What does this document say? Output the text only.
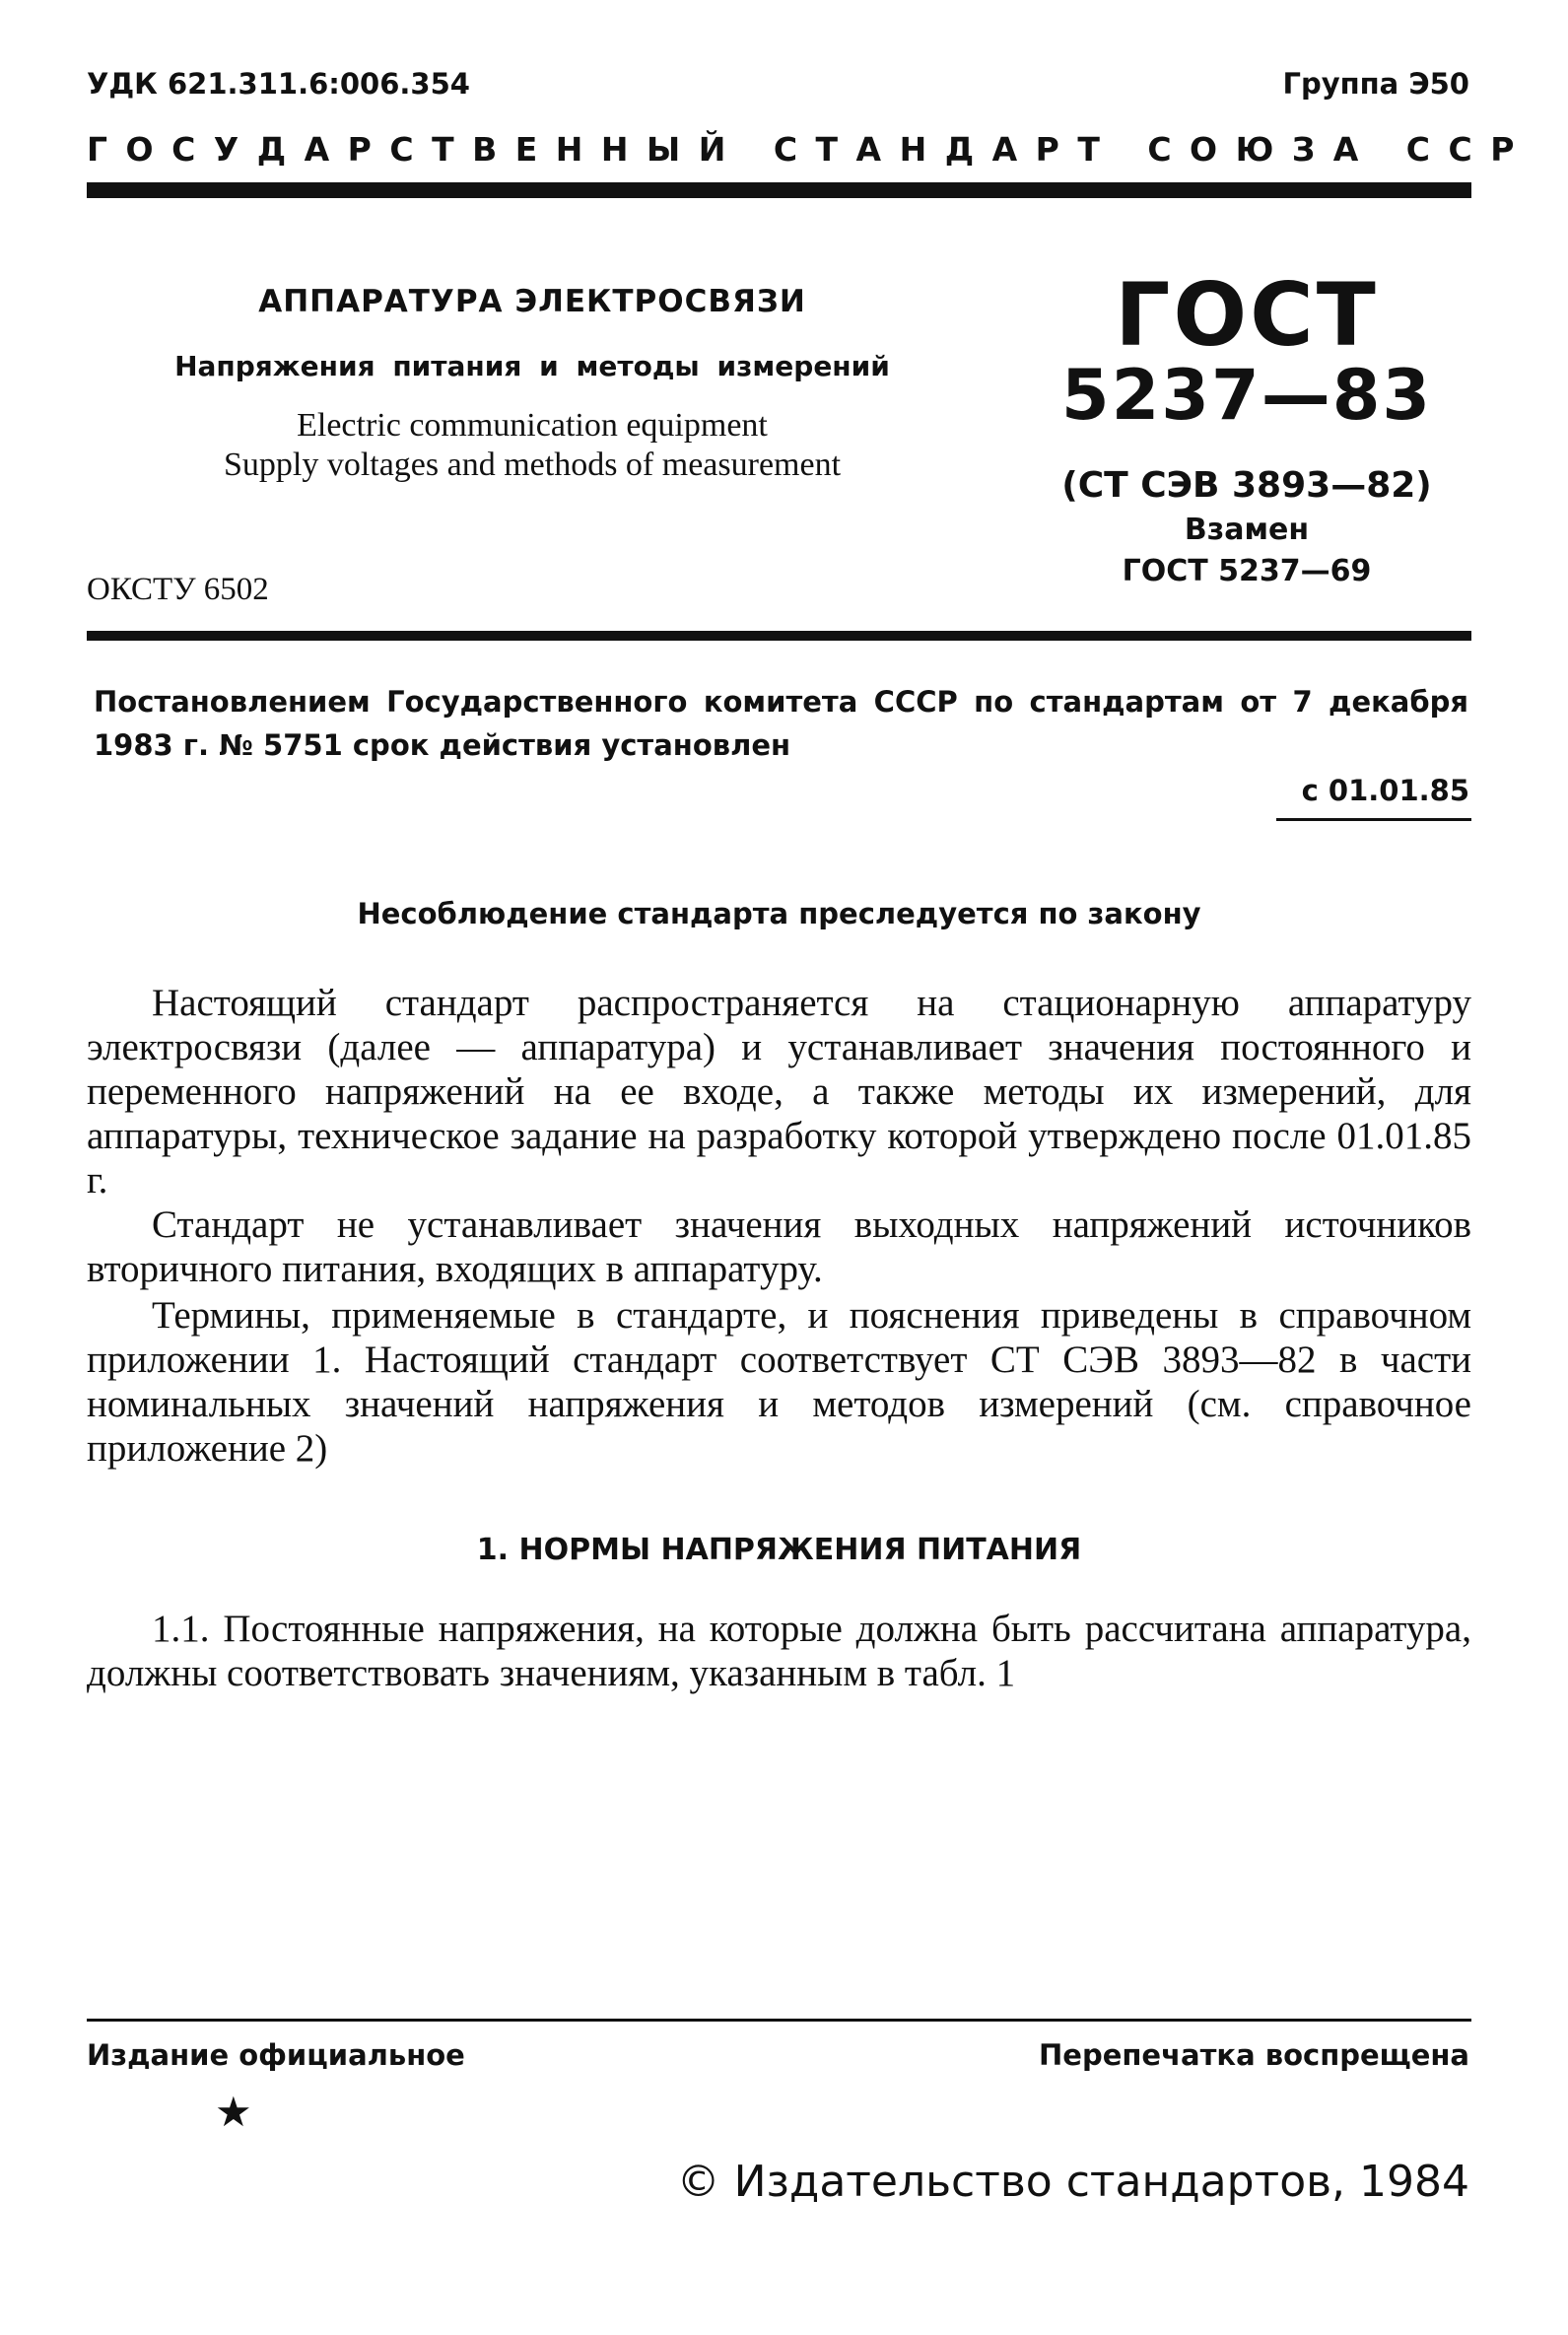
УДК 621.311.6:006.354	Группа Э50
ГОСУДАРСТВЕННЫЙ СТАНДАРТ СОЮЗА ССР
АППАРАТУРА ЭЛЕКТРОСВЯЗИ
Напряжения питания и методы измерений
Electric communication equipment
Supply voltages and methods of measurement
ОКСТУ 6502
ГОСТ
5237—83
(СТ СЭВ 3893—82)
Взамен
ГОСТ 5237—69
Постановлением Государственного комитета СССР по стандартам от 7 декабря 1983 г. № 5751 срок действия установлен
с 01.01.85
Несоблюдение стандарта преследуется по закону
Настоящий стандарт распространяется на стационарную аппаратуру электросвязи (далее — аппаратура) и устанавливает значения постоянного и переменного напряжений на ее входе, а также методы их измерений, для аппаратуры, техническое задание на разработку которой утверждено после 01.01.85 г.
Стандарт не устанавливает значения выходных напряжений источников вторичного питания, входящих в аппаратуру.
Термины, применяемые в стандарте, и пояснения приведены в справочном приложении 1. Настоящий стандарт соответствует СТ СЭВ 3893—82 в части номинальных значений напряжения и методов измерений (см. справочное приложение 2)
1. НОРМЫ НАПРЯЖЕНИЯ ПИТАНИЯ
1.1. Постоянные напряжения, на которые должна быть рассчитана аппаратура, должны соответствовать значениям, указанным в табл. 1
Издание официальное	Перепечатка воспрещена
★
© Издательство стандартов, 1984
